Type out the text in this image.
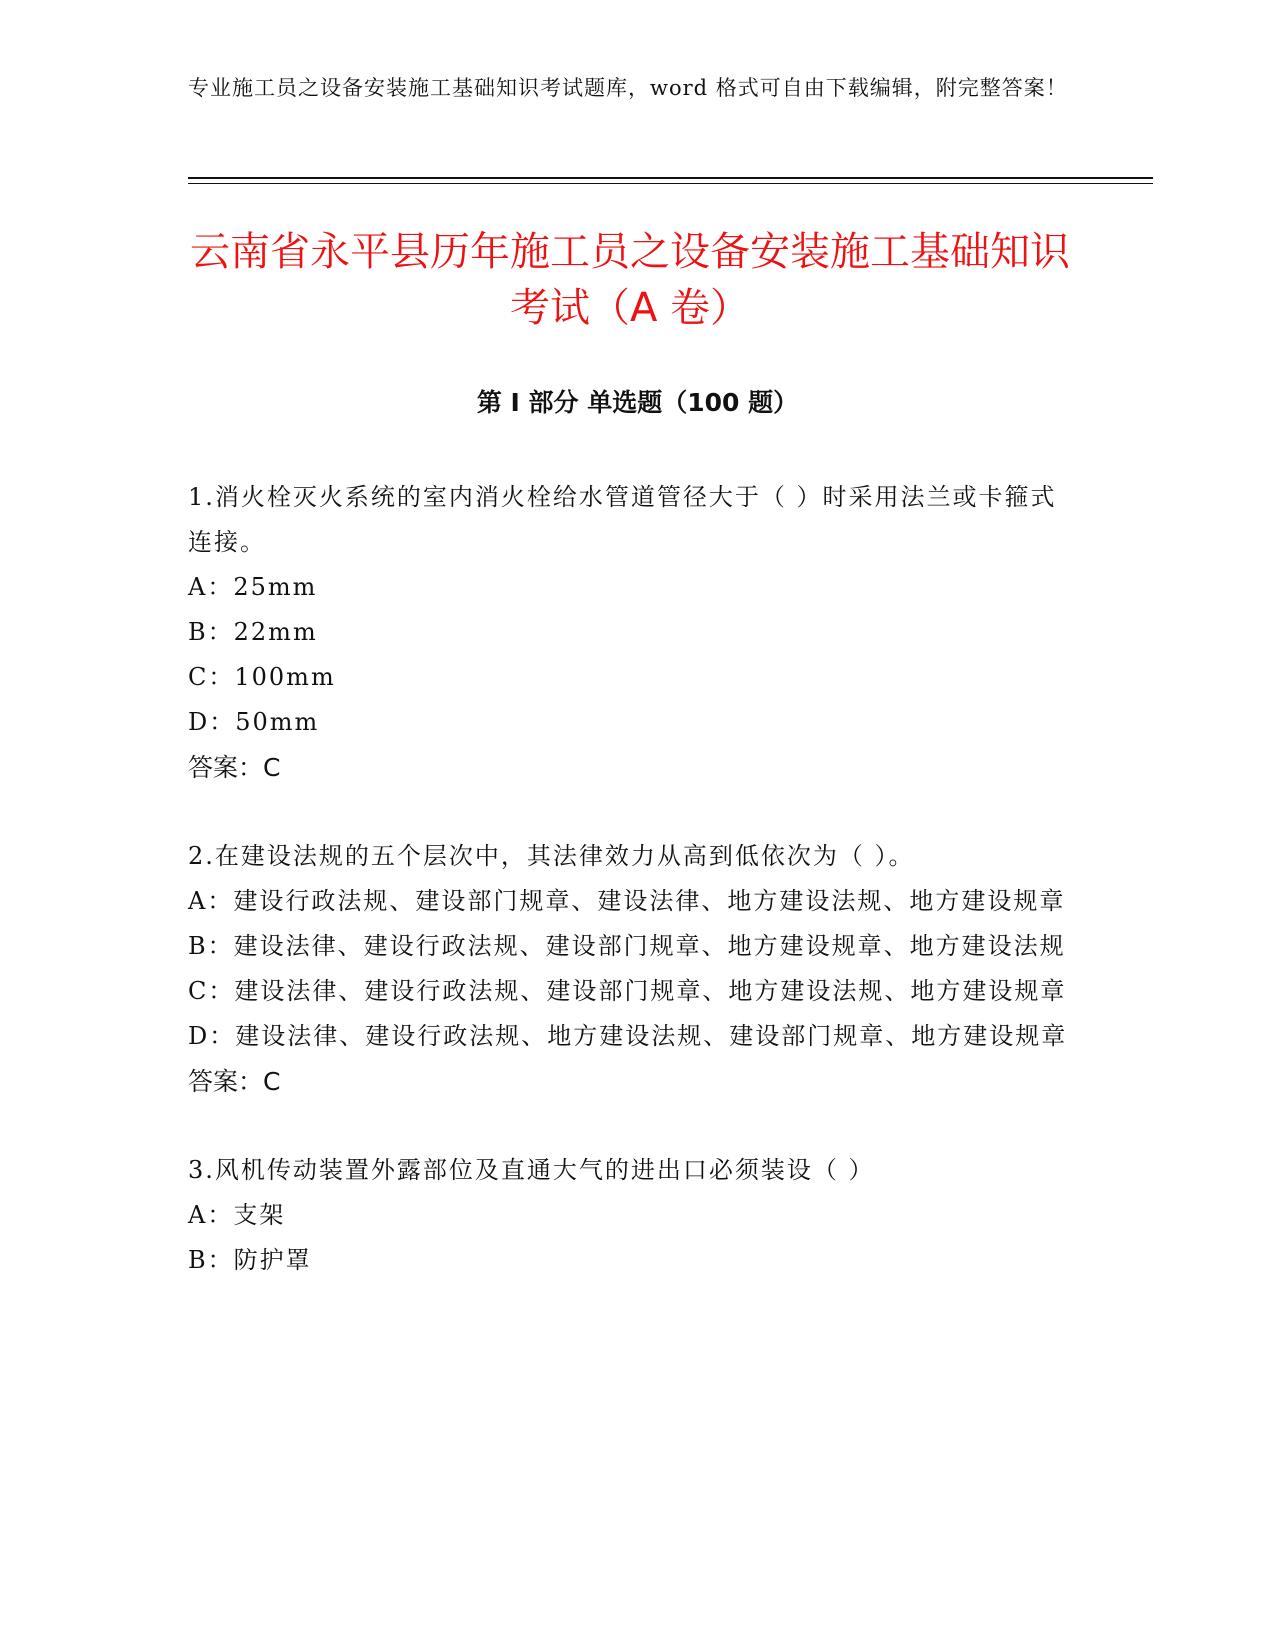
专业施工员之设备安装施工基础知识考试题库，word 格式可自由下载编辑，附完整答案！
云南省永平县历年施工员之设备安装施工基础知识考试（A 卷）
第 I 部分 单选题（100 题）
1.消火栓灭火系统的室内消火栓给水管道管径大于（ ）时采用法兰或卡箍式连接。
A：25mm
B：22mm
C：100mm
D：50mm
答案：C
2.在建设法规的五个层次中，其法律效力从高到低依次为（ ）。
A：建设行政法规、建设部门规章、建设法律、地方建设法规、地方建设规章
B：建设法律、建设行政法规、建设部门规章、地方建设规章、地方建设法规
C：建设法律、建设行政法规、建设部门规章、地方建设法规、地方建设规章
D：建设法律、建设行政法规、地方建设法规、建设部门规章、地方建设规章
答案：C
3.风机传动装置外露部位及直通大气的进出口必须装设（ ）
A：支架
B：防护罩
